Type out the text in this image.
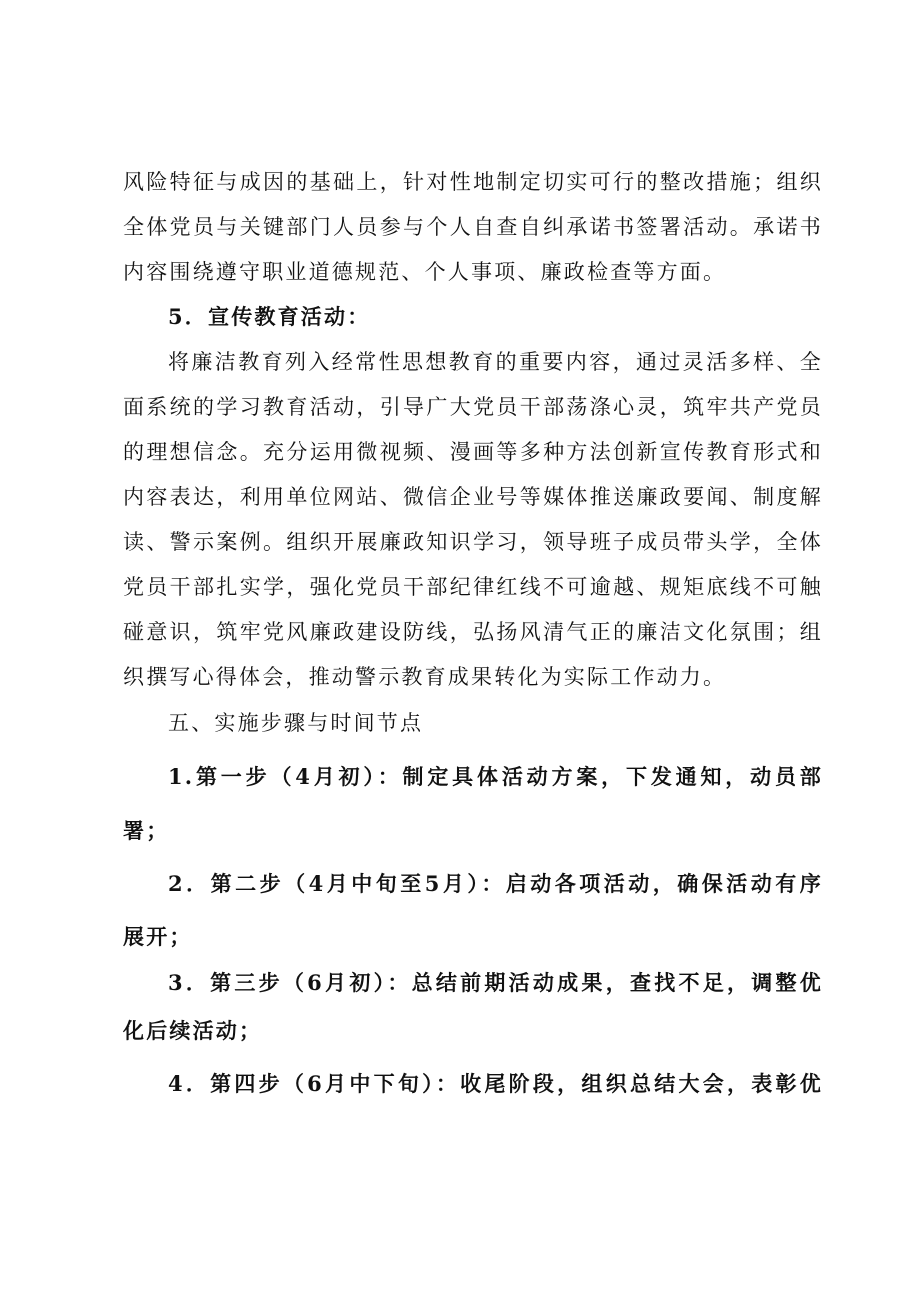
风险特征与成因的基础上，针对性地制定切实可行的整改措施；组织
全体党员与关键部门人员参与个人自查自纠承诺书签署活动。承诺书
内容围绕遵守职业道德规范、个人事项、廉政检查等方面。
5．宣传教育活动：
将廉洁教育列入经常性思想教育的重要内容，通过灵活多样、全
面系统的学习教育活动，引导广大党员干部荡涤心灵，筑牢共产党员
的理想信念。充分运用微视频、漫画等多种方法创新宣传教育形式和
内容表达，利用单位网站、微信企业号等媒体推送廉政要闻、制度解
读、警示案例。组织开展廉政知识学习，领导班子成员带头学，全体
党员干部扎实学，强化党员干部纪律红线不可逾越、规矩底线不可触
碰意识，筑牢党风廉政建设防线，弘扬风清气正的廉洁文化氛围；组
织撰写心得体会，推动警示教育成果转化为实际工作动力。
五、实施步骤与时间节点
1.第一步（4月初）：制定具体活动方案，下发通知，动员部
署；
2．第二步（4月中旬至5月）：启动各项活动，确保活动有序
展开；
3．第三步（6月初）：总结前期活动成果，查找不足，调整优
化后续活动；
4．第四步（6月中下旬）：收尾阶段，组织总结大会，表彰优
